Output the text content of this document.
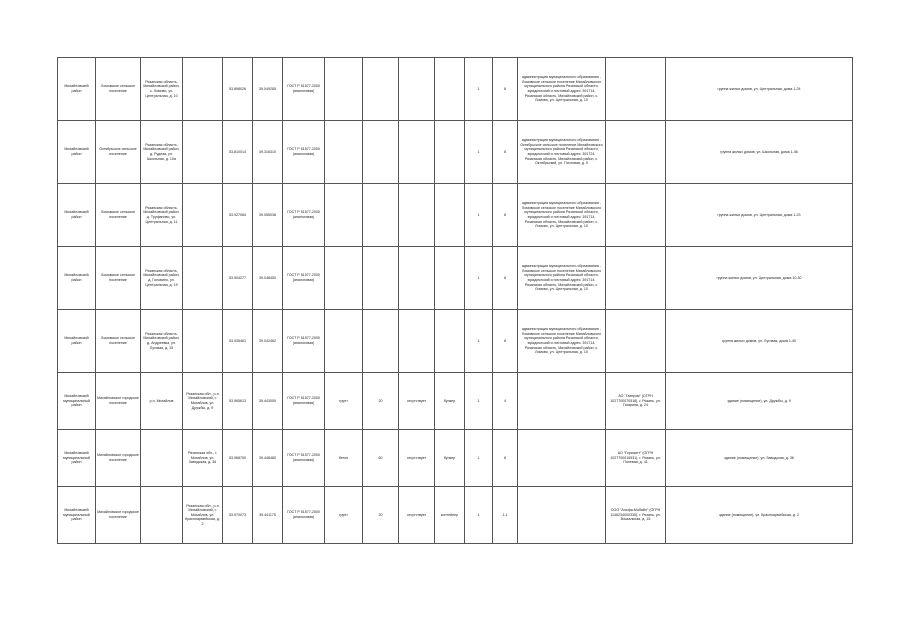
Михайловский район	Ломовское сельское поселение	Рязанская область, Михайловский район, с. Ломово, ул. Центральная, д. 10		53.898026	39.049285	ГОСТ Р 51577-2000 (аналоговая)					1	8	администрация муниципального образования - Ломовское сельское поселение Михайловского муниципального района Рязанской области, юридический и почтовый адрес: 391714, Рязанская область, Михайловский район, с. Ломово, ул. Центральная, д. 10		группа жилых домов, ул. Центральная, дома 1-24
Михайловский район	Октябрьское сельское поселение	Рязанская область, Михайловский район, д. Рудная, ул. Школьная, д. 10а		53.810014	39.316310	ГОСТ Р 51577-2000 (аналоговая)					1	8	администрация муниципального образования - Октябрьское сельское поселение Михайловского муниципального района Рязанской области, юридический и почтовый адрес: 391724, Рязанская область, Михайловский район, с. Октябрьский, ул. Почтовая, д. 5		группа жилых домов, ул. Школьная, дома 1-46
Михайловский район	Ломовское сельское поселение	Рязанская область, Михайловский район, д. Труфаново, ул. Центральная, д. 11		53.927084	39.055038	ГОСТ Р 51577-2000 (аналоговая)					1	8	администрация муниципального образования - Ломовское сельское поселение Михайловского муниципального района Рязанской области, юридический и почтовый адрес: 391714, Рязанская область, Михайловский район, с. Ломово, ул. Центральная, д. 10		группа жилых домов, ул. Центральная, дома 1-23
Михайловский район	Ломовское сельское поселение	Рязанская область, Михайловский район, д. Головино, ул. Центральная, д. 19		53.904277	39.048450	ГОСТ Р 51577-2000 (аналоговая)					1	8	администрация муниципального образования - Ломовское сельское поселение Михайловского муниципального района Рязанской области, юридический и почтовый адрес: 391714, Рязанская область, Михайловский район, с. Ломово, ул. Центральная, д. 10		группа жилых домов, ул. Центральная, дома 10-30
Михайловский район	Ломовское сельское поселение	Рязанская область, Михайловский район, д. Андреевка, ул. Луговая, д. 15		53.935461	39.042462	ГОСТ Р 51577-2000 (аналоговая)					1	8	администрация муниципального образования - Ломовское сельское поселение Михайловского муниципального района Рязанской области, юридический и почтовый адрес: 391714, Рязанская область, Михайловский район, с. Ломово, ул. Центральная, д. 10		группа жилых домов, ул. Луговая, дома 1-40
Михайловский муниципальный район	Михайловское городское поселение	р.п. Михайлов	Рязанская обл., р-н Михайловский, г. Михайлов, ул. Дружбы, д. 9	53.965613	39.443050	ГОСТ Р 51577-2000 (аналоговая)	грунт	20	отсутствует	бункер	1	4		АО "Газпром" (ОГРН 1027700070518), г. Рязань, ул. Гагарина, д. 24	здание (помещение), ул. Дружбы, д. 9
Михайловский муниципальный район	Михайловское городское поселение		Рязанская обл., г. Михайлов, ул. Заводская, д. 36	53.968750	39.448480	ГОСТ Р 51577-2000 (аналоговая)	бетон	60	отсутствует	бункер	1	8		АО "Горизонт" (ОГРН 1027700016531), г. Рязань, ул. Полевая, д. 41	здание (помещение), ул. Заводская, д. 36
Михайловский муниципальный район	Михайловское городское поселение		Рязанская обл., р-н Михайловский, г. Михайлов, ул. Красноармейская, д. 2	53.970073	39.441175	ГОСТ Р 51577-2000 (аналоговая)	грунт	20	отсутствует	контейнер	1	1,1		ООО "Альфа-Мобайл" (ОГРН 1146234000335), г. Рязань, ул. Вокзальная, д. 15	здание (помещение), ул. Красноармейская, д. 2
